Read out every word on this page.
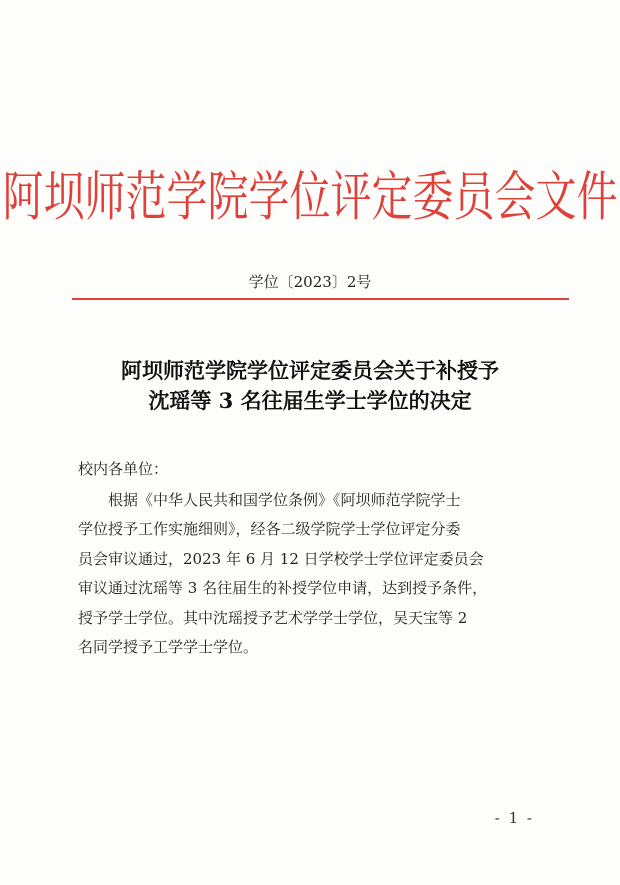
阿坝师范学院学位评定委员会文件
学位〔2023〕2号
阿坝师范学院学位评定委员会关于补授予
沈瑶等 3 名往届生学士学位的决定
校内各单位：
根据《中华人民共和国学位条例》《阿坝师范学院学士
学位授予工作实施细则》，经各二级学院学士学位评定分委
员会审议通过，2023 年 6 月 12 日学校学士学位评定委员会
审议通过沈瑶等 3 名往届生的补授学位申请，达到授予条件，
授予学士学位。其中沈瑶授予艺术学学士学位，吴天宝等 2
名同学授予工学学士学位。
- 1 -
